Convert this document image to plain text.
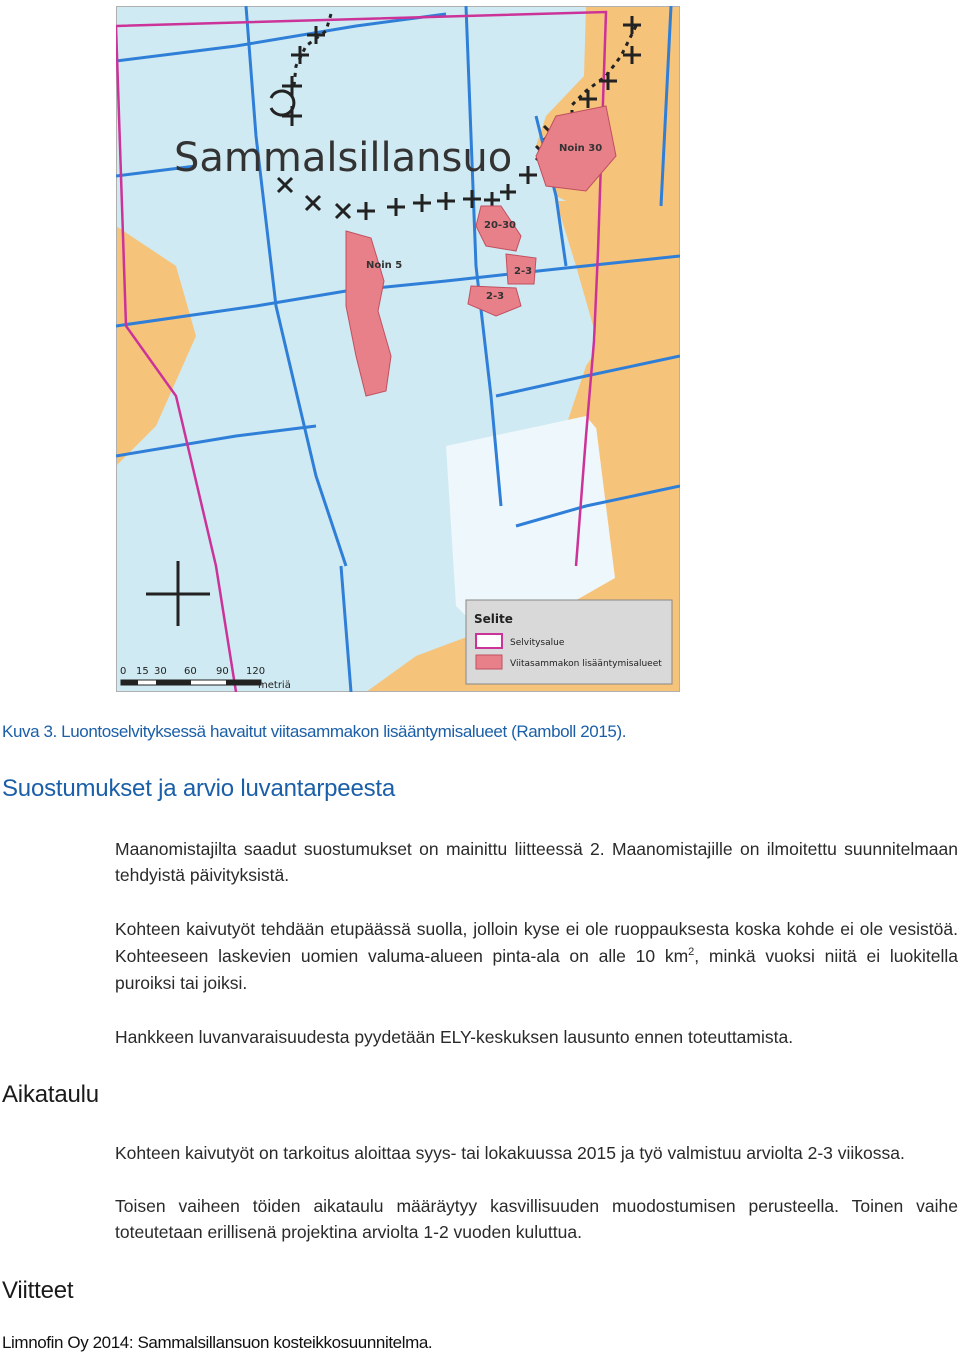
Sammalsillansuo	Noin 30
20-30
Noin 5
2-3
2-3
Selite
Selvitysalue
Viitasammakon lisääntymisalueet
0 15 30 60 90 120
metriä
Kuva 3. Luontoselvityksessä havaitut viitasammakon lisääntymisalueet (Ramboll 2015).
Suostumukset ja arvio luvantarpeesta
Maanomistajilta saadut suostumukset on mainittu liitteessä 2. Maanomistajille on ilmoitettu suunnitelmaan tehdyistä päivityksistä.
Kohteen kaivutyöt tehdään etupäässä suolla, jolloin kyse ei ole ruoppauksesta koska kohde ei ole vesistöä. Kohteeseen laskevien uomien valuma-alueen pinta-ala on alle 10 $km^2$, minkä vuoksi niitä ei luokitella puroiksi tai joiksi.
Hankkeen luvanvaraisuudesta pyydetään ELY-keskuksen lausunto ennen toteuttamista.
Aikataulu
Kohteen kaivutyöt on tarkoitus aloittaa syys- tai lokakuussa 2015 ja työ valmistuu arviolta 2-3 viikossa.
Toisen vaiheen töiden aikataulu määräytyy kasvillisuuden muodostumisen perusteella. Toinen vaihe toteutetaan erillisenä projektina arviolta 1-2 vuoden kuluttua.
Viitteet
Limnofin Oy 2014: Sammalsillansuon kosteikkosuunnitelma.
